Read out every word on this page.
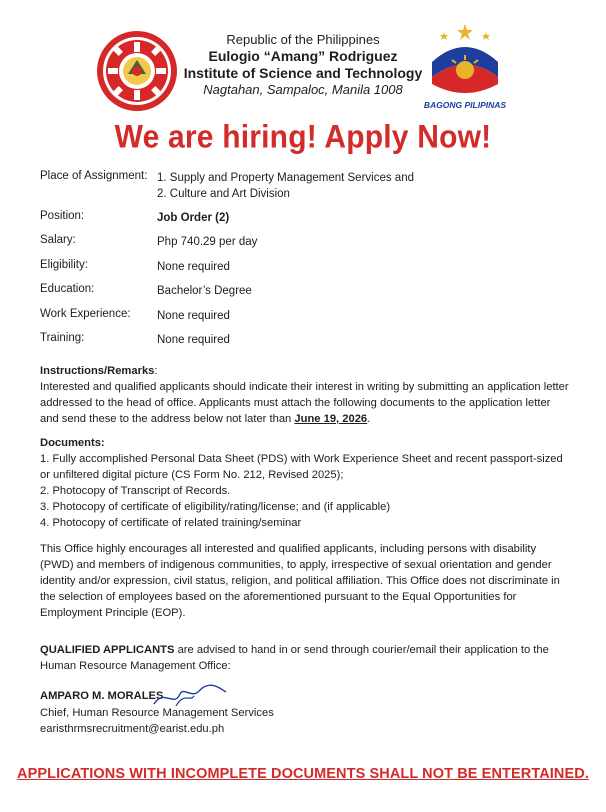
Republic of the Philippines
Eulogio “Amang” Rodriguez
Institute of Science and Technology
Nagtahan, Sampaloc, Manila 1008
BAGONG PILIPINAS
We are hiring! Apply Now!
Place of Assignment: 1. Supply and Property Management Services and
2. Culture and Art Division
Position:	Job Order (2)
Salary:	Php 740.29 per day
Eligibility:	None required
Education:	Bachelor’s Degree
Work Experience:	None required
Training:	None required
Instructions/Remarks:

Interested and qualified applicants should indicate their interest in writing by submitting an application letter addressed to the head of office. Applicants must attach the following documents to the application letter and send these to the address below not later than June 19, 2026.

Documents:
1. Fully accomplished Personal Data Sheet (PDS) with Work Experience Sheet and recent passport-sized or unfiltered digital picture (CS Form No. 212, Revised 2025);
2. Photocopy of Transcript of Records.
3. Photocopy of certificate of eligibility/rating/license; and (if applicable)
4. Photocopy of certificate of related training/seminar

This Office highly encourages all interested and qualified applicants, including persons with disability (PWD) and members of indigenous communities, to apply, irrespective of sexual orientation and gender identity and/or expression, civil status, religion, and political affiliation. This Office does not discriminate in the selection of employees based on the aforementioned pursuant to the Equal Opportunities for Employment Principle (EOP).

QUALIFIED APPLICANTS are advised to hand in or send through courier/email their application to the Human Resource Management Office:

AMPARO M. MORALES
Chief, Human Resource Management Services
earisthrmsrecruitment@earist.edu.ph
APPLICATIONS WITH INCOMPLETE DOCUMENTS SHALL NOT BE ENTERTAINED.
